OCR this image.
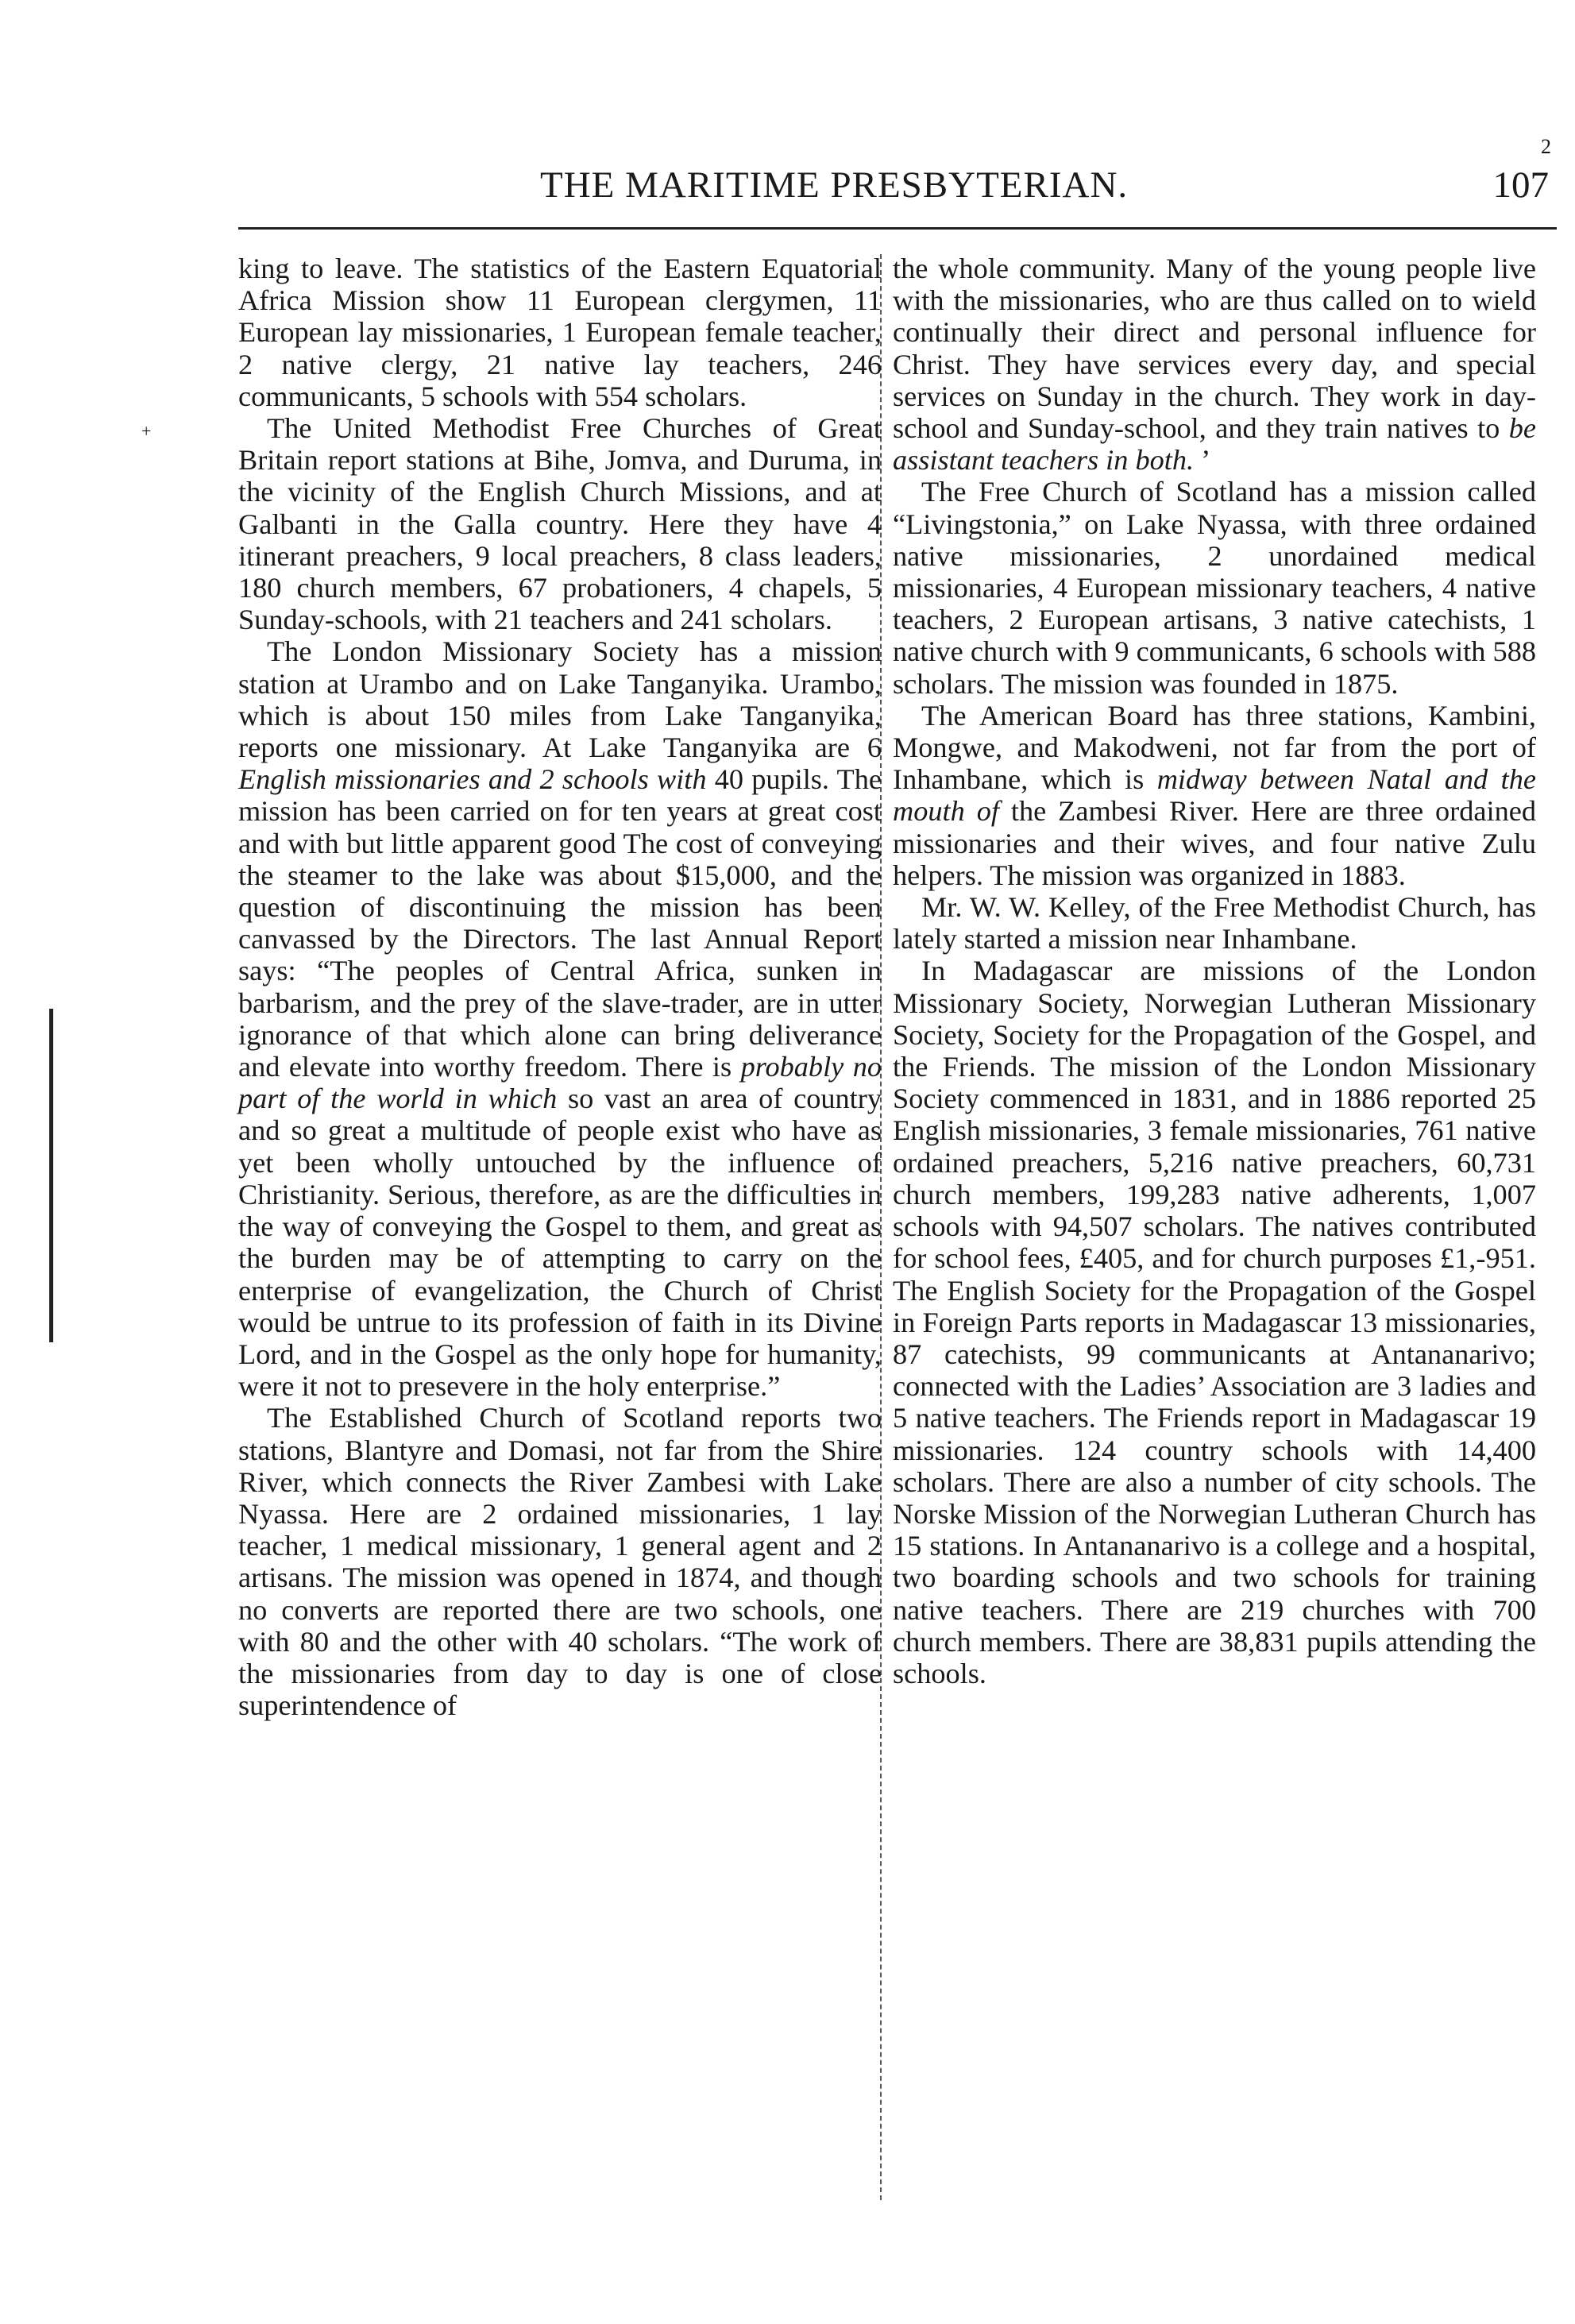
2
+
THE MARITIME PRESBYTERIAN.	107

king to leave. The statistics of the Eastern Equatorial Africa Mission show 11 European clergymen, 11 European lay missionaries, 1 European female teacher, 2 native clergy, 21 native lay teachers, 246 communicants, 5 schools with 554 scholars.

The United Methodist Free Churches of Great Britain report stations at Bihe, Jomva, and Duruma, in the vicinity of the English Church Missions, and at Galbanti in the Galla country. Here they have 4 itinerant preachers, 9 local preachers, 8 class leaders, 180 church members, 67 probationers, 4 chapels, 5 Sunday-schools, with 21 teachers and 241 scholars.

The London Missionary Society has a mission station at Urambo and on Lake Tanganyika. Urambo, which is about 150 miles from Lake Tanganyika, reports one missionary. At Lake Tanganyika are 6 English missionaries and 2 schools with 40 pupils. The mission has been carried on for ten years at great cost and with but little apparent good The cost of conveying the steamer to the lake was about $15,000, and the question of discontinuing the mission has been canvassed by the Directors. The last Annual Report says: “The peoples of Central Africa, sunken in barbarism, and the prey of the slave-trader, are in utter ignorance of that which alone can bring deliverance and elevate into worthy freedom. There is probably no part of the world in which so vast an area of country and so great a multitude of people exist who have as yet been wholly untouched by the influence of Christianity. Serious, therefore, as are the difficulties in the way of conveying the Gospel to them, and great as the burden may be of attempting to carry on the enterprise of evangelization, the Church of Christ would be untrue to its profession of faith in its Divine Lord, and in the Gospel as the only hope for humanity, were it not to presevere in the holy enterprise.”

The Established Church of Scotland reports two stations, Blantyre and Domasi, not far from the Shire River, which connects the River Zambesi with Lake Nyassa. Here are 2 ordained missionaries, 1 lay teacher, 1 medical missionary, 1 general agent and 2 artisans. The mission was opened in 1874, and though no converts are reported there are two schools, one with 80 and the other with 40 scholars. “The work of the missionaries from day to day is one of close superintendence of

the whole community. Many of the young people live with the missionaries, who are thus called on to wield continually their direct and personal influence for Christ. They have services every day, and special services on Sunday in the church. They work in day-school and Sunday-school, and they train natives to be assistant teachers in both. ’

The Free Church of Scotland has a mission called “Livingstonia,” on Lake Nyassa, with three ordained native missionaries, 2 unordained medical missionaries, 4 European missionary teachers, 4 native teachers, 2 European artisans, 3 native catechists, 1 native church with 9 communicants, 6 schools with 588 scholars. The mission was founded in 1875.

The American Board has three stations, Kambini, Mongwe, and Makodweni, not far from the port of Inhambane, which is midway between Natal and the mouth of the Zambesi River. Here are three ordained missionaries and their wives, and four native Zulu helpers. The mission was organized in 1883.

Mr. W. W. Kelley, of the Free Methodist Church, has lately started a mission near Inhambane.

In Madagascar are missions of the London Missionary Society, Norwegian Lutheran Missionary Society, Society for the Propagation of the Gospel, and the Friends. The mission of the London Missionary Society commenced in 1831, and in 1886 reported 25 English missionaries, 3 female missionaries, 761 native ordained preachers, 5,216 native preachers, 60,731 church members, 199,283 native adherents, 1,007 schools with 94,507 scholars. The natives contributed for school fees, £405, and for church purposes £1,-951. The English Society for the Propagation of the Gospel in Foreign Parts reports in Madagascar 13 missionaries, 87 catechists, 99 communicants at Antananarivo; connected with the Ladies’ Association are 3 ladies and 5 native teachers. The Friends report in Madagascar 19 missionaries. 124 country schools with 14,400 scholars. There are also a number of city schools. The Norske Mission of the Norwegian Lutheran Church has 15 stations. In Antananarivo is a college and a hospital, two boarding schools and two schools for training native teachers. There are 219 churches with 700 church members. There are 38,831 pupils attending the schools.
